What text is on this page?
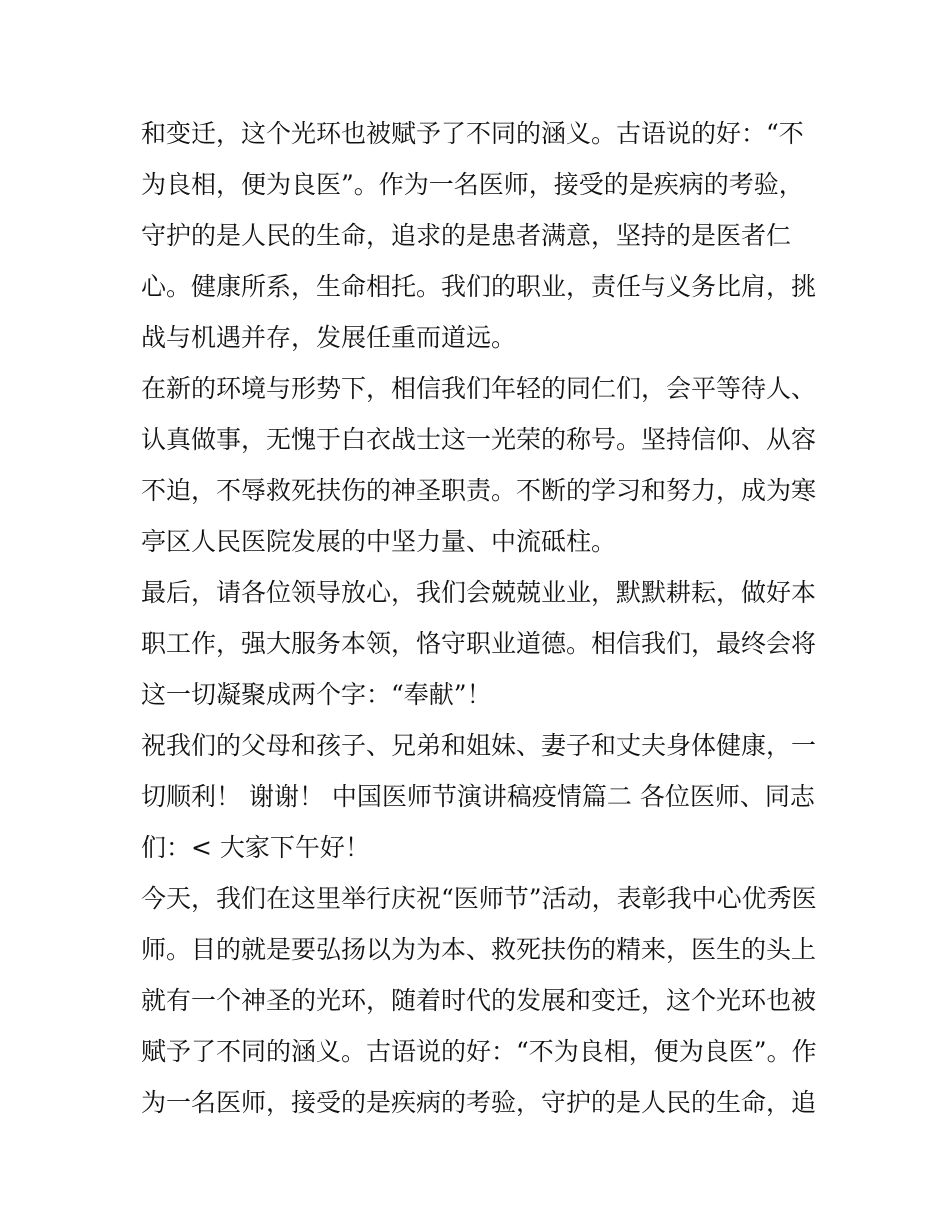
和变迁，这个光环也被赋予了不同的涵义。古语说的好：“不
为良相，便为良医”。作为一名医师，接受的是疾病的考验，
守护的是人民的生命，追求的是患者满意，坚持的是医者仁
心。健康所系，生命相托。我们的职业，责任与义务比肩，挑
战与机遇并存，发展任重而道远。
在新的环境与形势下，相信我们年轻的同仁们，会平等待人、
认真做事，无愧于白衣战士这一光荣的称号。坚持信仰、从容
不迫，不辱救死扶伤的神圣职责。不断的学习和努力，成为寒
亭区人民医院发展的中坚力量、中流砥柱。
最后，请各位领导放心，我们会兢兢业业，默默耕耘，做好本
职工作，强大服务本领，恪守职业道德。相信我们，最终会将
这一切凝聚成两个字：“奉献”！
祝我们的父母和孩子、兄弟和姐妹、妻子和丈夫身体健康，一
切顺利！ 谢谢！ 中国医师节演讲稿疫情篇二 各位医师、同志
们：< 大家下午好！
今天，我们在这里举行庆祝“医师节”活动，表彰我中心优秀医
师。目的就是要弘扬以为为本、救死扶伤的精来，医生的头上
就有一个神圣的光环，随着时代的发展和变迁，这个光环也被
赋予了不同的涵义。古语说的好：“不为良相，便为良医”。作
为一名医师，接受的是疾病的考验，守护的是人民的生命，追
